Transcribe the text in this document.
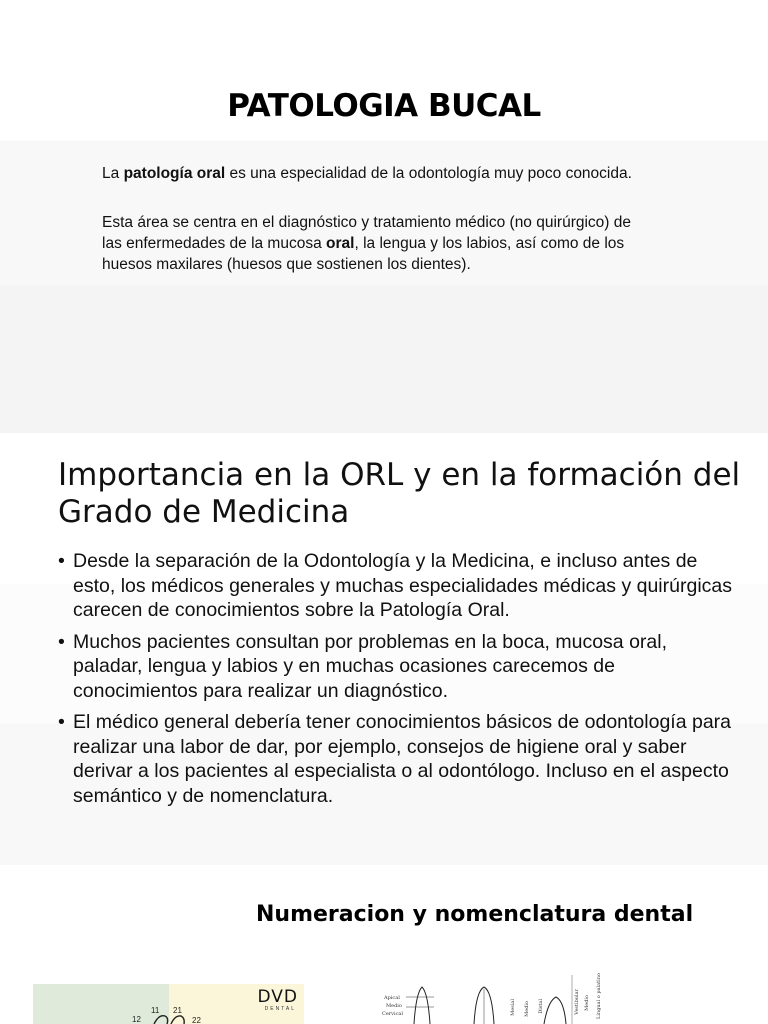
PATOLOGIA BUCAL

La patología oral es una especialidad de la odontología muy poco conocida.

Esta área se centra en el diagnóstico y tratamiento médico (no quirúrgico) de las enfermedades de la mucosa oral, la lengua y los labios, así como de los huesos maxilares (huesos que sostienen los dientes).

Importancia en la ORL y en la formación del Grado de Medicina
• Desde la separación de la Odontología y la Medicina, e incluso antes de esto, los médicos generales y muchas especialidades médicas y quirúrgicas carecen de conocimientos sobre la Patología Oral.
• Muchos pacientes consultan por problemas en la boca, mucosa oral, paladar, lengua y labios y en muchas ocasiones carecemos de conocimientos para realizar un diagnóstico.
• El médico general debería tener conocimientos básicos de odontología para realizar una labor de dar, por ejemplo, consejos de higiene oral y saber derivar a los pacientes al especialista o al odontólogo. Incluso en el aspecto semántico y de nomenclatura.
Numeracion y nomenclatura dental
DVD
DENTAL
11 21
12	22
Apical
Medio
Cervical	Mesial Medio Distal	Vestibular Medio Lingual o palatino
